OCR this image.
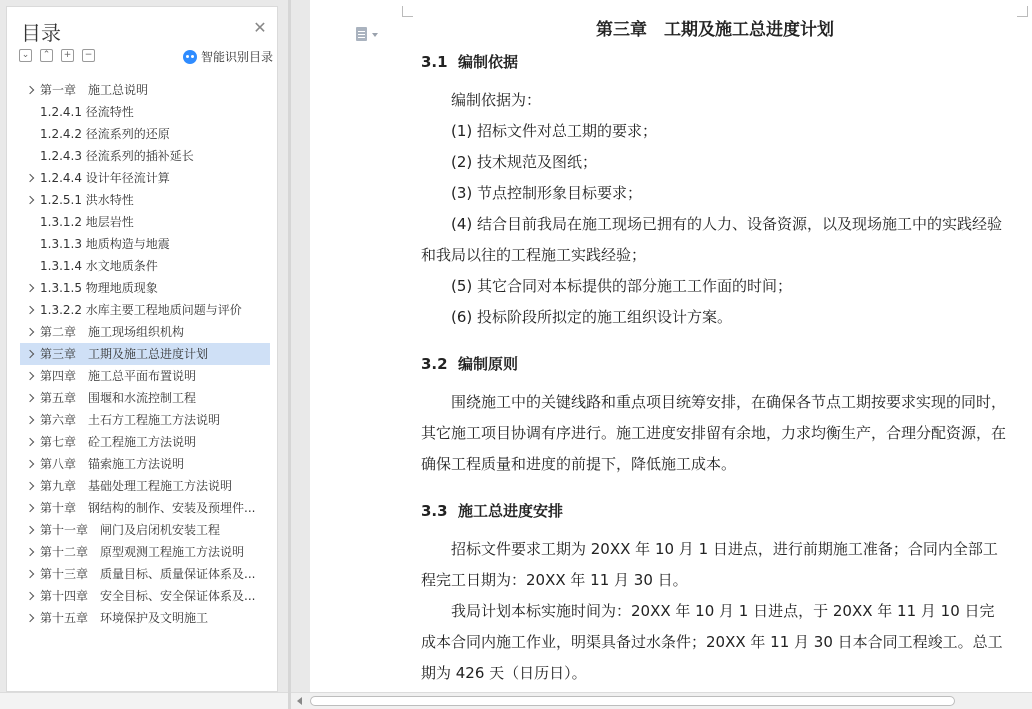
目录	✕
⌄	⌃	+	−	智能识别目录
第一章　施工总说明
1.2.4.1 径流特性
1.2.4.2 径流系列的还原
1.2.4.3 径流系列的插补延长
1.2.4.4 设计年径流计算
1.2.5.1 洪水特性
1.3.1.2 地层岩性
1.3.1.3 地质构造与地震
1.3.1.4 水文地质条件
1.3.1.5 物理地质现象
1.3.2.2 水库主要工程地质问题与评价
第二章　施工现场组织机构
第三章　工期及施工总进度计划
第四章　施工总平面布置说明
第五章　围堰和水流控制工程
第六章　土石方工程施工方法说明
第七章　砼工程施工方法说明
第八章　锚索施工方法说明
第九章　基础处理工程施工方法说明
第十章　钢结构的制作、安装及预埋件...
第十一章　闸门及启闭机安装工程
第十二章　原型观测工程施工方法说明
第十三章　质量目标、质量保证体系及...
第十四章　安全目标、安全保证体系及...
第十五章　环境保护及文明施工

第三章　工期及施工总进度计划

3.1  编制依据

编制依据为：

(1) 招标文件对总工期的要求；

(2) 技术规范及图纸；

(3) 节点控制形象目标要求；

(4) 结合目前我局在施工现场已拥有的人力、设备资源，以及现场施工中的实践经验和我局以往的工程施工实践经验；

(5) 其它合同对本标提供的部分施工工作面的时间；

(6) 投标阶段所拟定的施工组织设计方案。

3.2  编制原则

围绕施工中的关键线路和重点项目统筹安排，在确保各节点工期按要求实现的同时，其它施工项目协调有序进行。施工进度安排留有余地，力求均衡生产，合理分配资源，在确保工程质量和进度的前提下，降低施工成本。

3.3  施工总进度安排

招标文件要求工期为 20XX 年 10 月 1 日进点，进行前期施工准备；合同内全部工程完工日期为：20XX 年 11 月 30 日。

我局计划本标实施时间为：20XX 年 10 月 1 日进点，于 20XX 年 11 月 10 日完成本合同内施工作业，明渠具备过水条件；20XX 年 11 月 30 日本合同工程竣工。总工期为 426 天（日历日）。
